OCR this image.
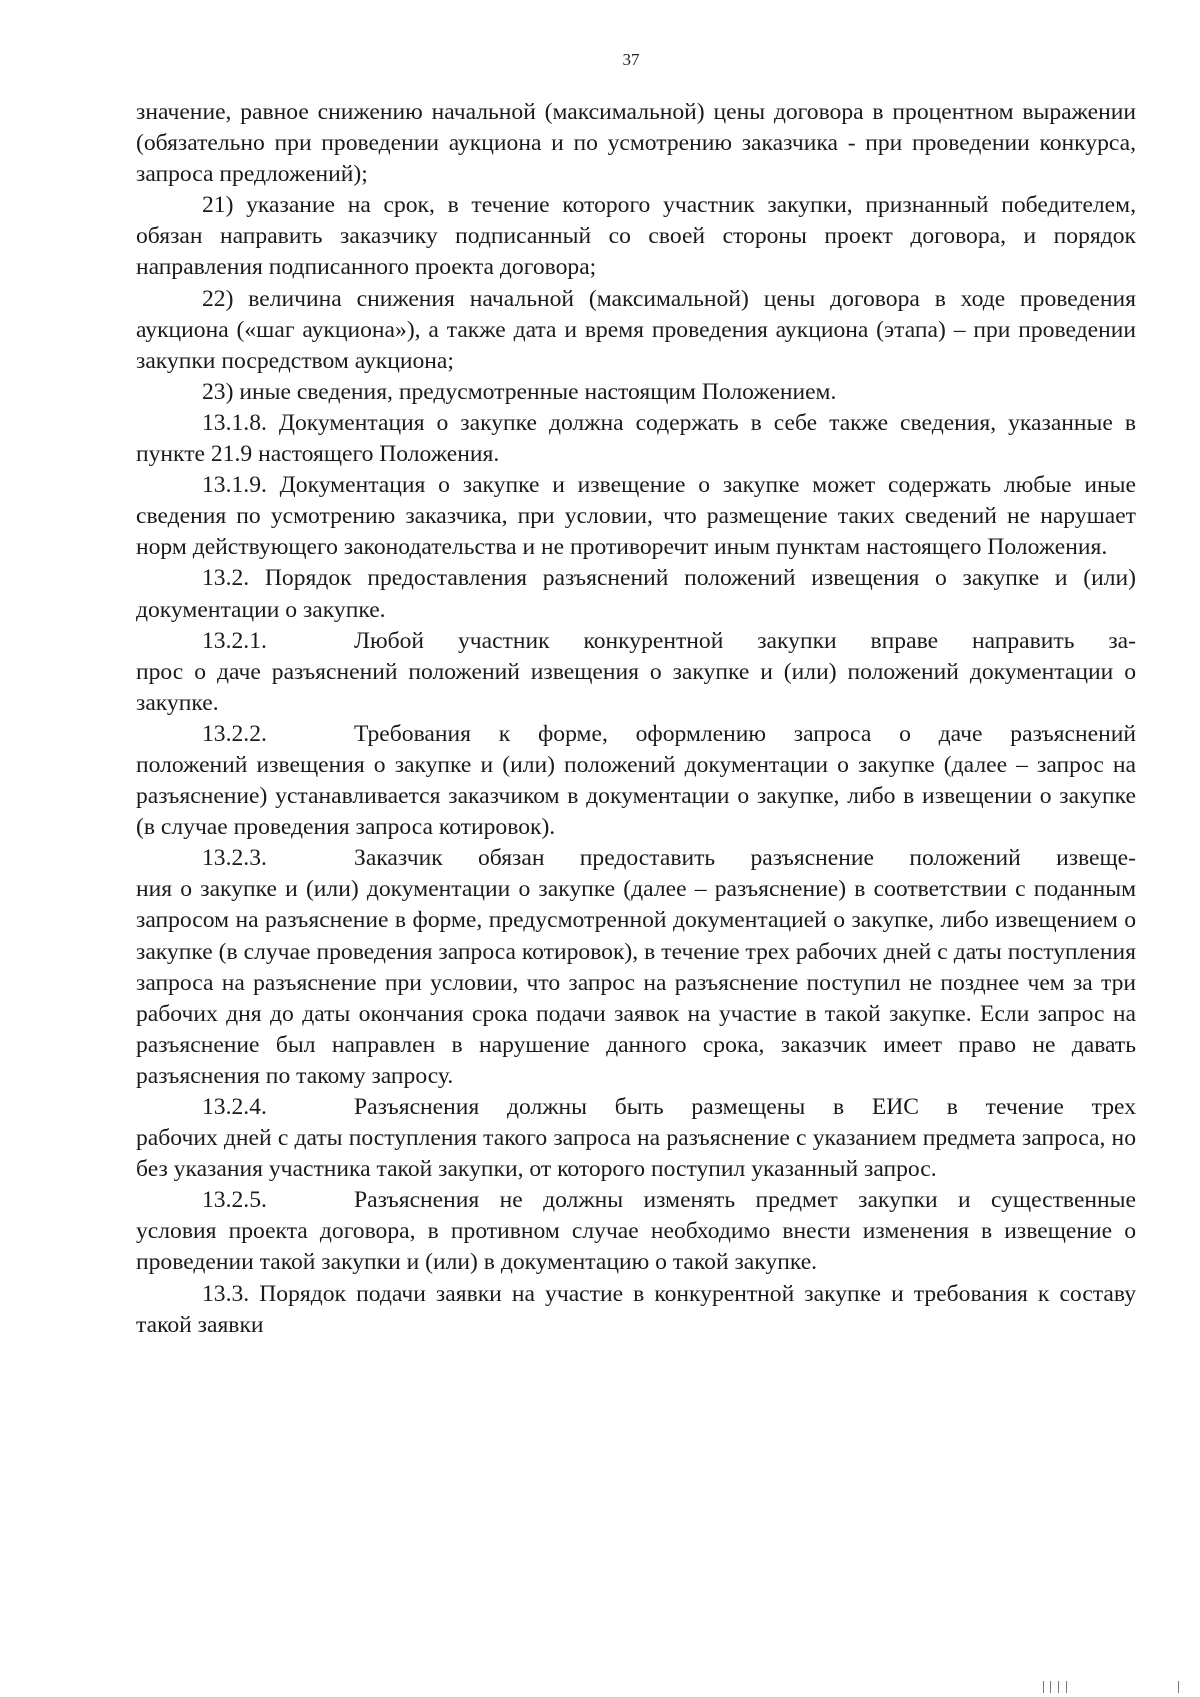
37

значение, равное снижению начальной (максимальной) цены договора в процентном выражении (обязательно при проведении аукциона и по усмотрению заказчика - при проведении конкурса, запроса предложений);

21) указание на срок, в течение которого участник закупки, признанный победителем, обязан направить заказчику подписанный со своей стороны проект договора, и порядок направления подписанного проекта договора;

22) величина снижения начальной (максимальной) цены договора в ходе проведения аукциона («шаг аукциона»), а также дата и время проведения аукциона (этапа) – при проведении закупки посредством аукциона;

23) иные сведения, предусмотренные настоящим Положением.

13.1.8. Документация о закупке должна содержать в себе также сведения, указанные в пункте 21.9 настоящего Положения.

13.1.9. Документация о закупке и извещение о закупке может содержать любые иные сведения по усмотрению заказчика, при условии, что размещение таких сведений не нарушает норм действующего законодательства и не противоречит иным пунктам настоящего Положения.

13.2. Порядок предоставления разъяснений положений извещения о закупке и (или) документации о закупке.

13.2.1.	Любой участник конкурентной закупки вправе направить за-

прос о даче разъяснений положений извещения о закупке и (или) положений документации о закупке.

13.2.2.	Требования к форме, оформлению запроса о даче разъяснений

положений извещения о закупке и (или) положений документации о закупке (далее – запрос на разъяснение) устанавливается заказчиком в документации о закупке, либо в извещении о закупке (в случае проведения запроса котировок).

13.2.3.	Заказчик обязан предоставить разъяснение положений извеще-

ния о закупке и (или) документации о закупке (далее – разъяснение) в соответствии с поданным запросом на разъяснение в форме, предусмотренной документацией о закупке, либо извещением о закупке (в случае проведения запроса котировок), в течение трех рабочих дней с даты поступления запроса на разъяснение при условии, что запрос на разъяснение поступил не позднее чем за три рабочих дня до даты окончания срока подачи заявок на участие в такой закупке. Если запрос на разъяснение был направлен в нарушение данного срока, заказчик имеет право не давать разъяснения по такому запросу.

13.2.4.	Разъяснения должны быть размещены в ЕИС в течение трех

рабочих дней с даты поступления такого запроса на разъяснение с указанием предмета запроса, но без указания участника такой закупки, от которого поступил указанный запрос.

13.2.5.	Разъяснения не должны изменять предмет закупки и существенные

условия проекта договора, в противном случае необходимо внести изменения в извещение о проведении такой закупки и (или) в документацию о такой закупке.

13.3. Порядок подачи заявки на участие в конкурентной закупке и требования к составу такой заявки
